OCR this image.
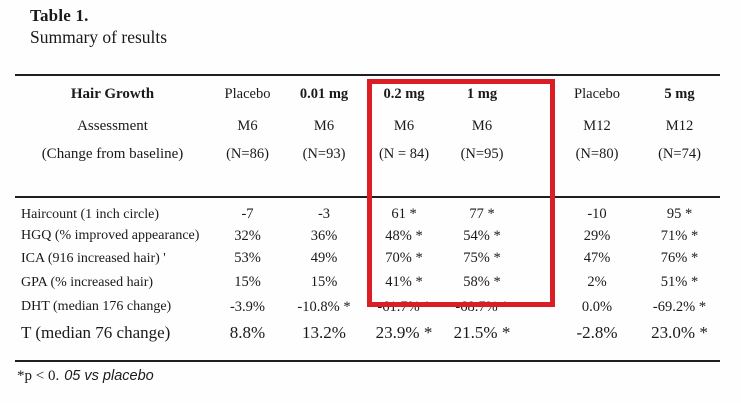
Table 1.
Summary of results
Hair Growth	Placebo	0.01 mg	0.2 mg	1 mg		Placebo	5 mg
Assessment	M6	M6	M6	M6		M12	M12
(Change from baseline)	(N=86)	(N=93)	(N = 84)	(N=95)		(N=80)	(N=74)

Haircount (1 inch circle)	-7	-3	61 *	77 *		-10	95 *
HGQ (% improved appearance)	32%	36%	48% *	54% *		29%	71% *
ICA (916 increased hair) '	53%	49%	70% *	75% *		47%	76% *
GPA (% increased hair)	15%	15%	41% *	58% *		2%	51% *
DHT (median 176 change)	-3.9%	-10.8% *	-61.7% *	-68.7% *		0.0%	-69.2% *
T (median 76 change)	8.8%	13.2%	23.9% *	21.5% *		-2.8%	23.0% *
*p < 0. 05 vs placebo
